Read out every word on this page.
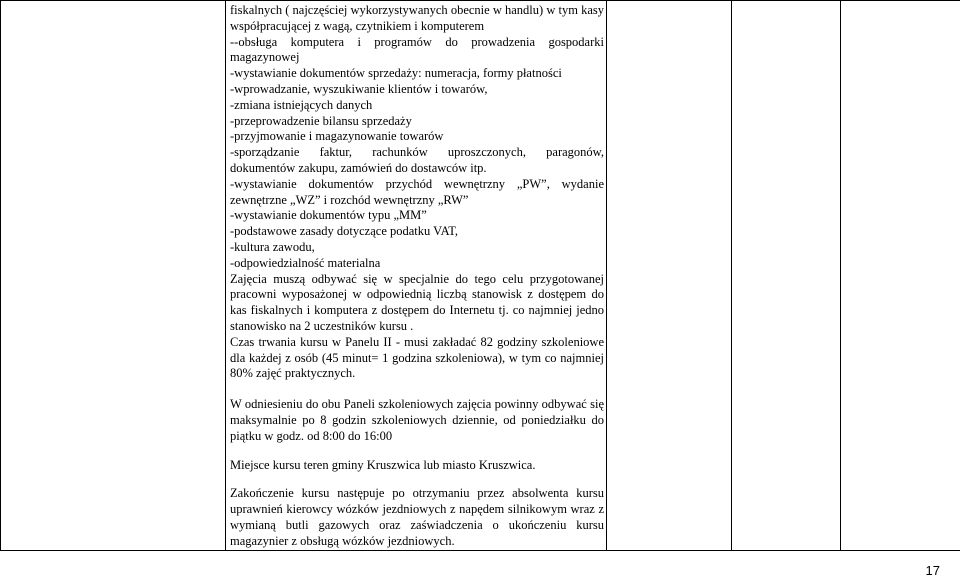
fiskalnych ( najczęściej wykorzystywanych obecnie w handlu) w tym kasy współpracującej z wagą, czytnikiem i komputerem

--obsługa komputera i programów do prowadzenia gospodarki magazynowej

-wystawianie dokumentów sprzedaży: numeracja, formy płatności

-wprowadzanie, wyszukiwanie klientów i towarów,

-zmiana istniejących danych

-przeprowadzenie bilansu sprzedaży

-przyjmowanie i magazynowanie towarów

-sporządzanie faktur, rachunków uproszczonych, paragonów, dokumentów zakupu, zamówień do dostawców itp.

-wystawianie dokumentów przychód wewnętrzny „PW”, wydanie zewnętrzne „WZ” i rozchód wewnętrzny „RW”

-wystawianie dokumentów typu „MM”

-podstawowe zasady dotyczące podatku VAT,

-kultura zawodu,

-odpowiedzialność materialna

Zajęcia muszą odbywać się w specjalnie do tego celu przygotowanej pracowni wyposażonej w odpowiednią liczbą stanowisk z dostępem do kas fiskalnych i komputera z dostępem do Internetu tj. co najmniej jedno stanowisko na 2 uczestników kursu .

Czas trwania kursu w Panelu II - musi zakładać 82 godziny szkoleniowe dla każdej z osób (45 minut= 1 godzina szkoleniowa), w tym co najmniej 80% zajęć praktycznych.

W odniesieniu do obu Paneli szkoleniowych zajęcia powinny odbywać się maksymalnie po 8 godzin szkoleniowych dziennie, od poniedziałku do piątku w godz. od 8:00 do 16:00

Miejsce kursu teren gminy Kruszwica lub miasto Kruszwica.

Zakończenie kursu następuje po otrzymaniu przez absolwenta kursu uprawnień kierowcy wózków jezdniowych z napędem silnikowym wraz z wymianą butli gazowych oraz zaświadczenia o ukończeniu kursu magazynier z obsługą wózków jezdniowych.

17
